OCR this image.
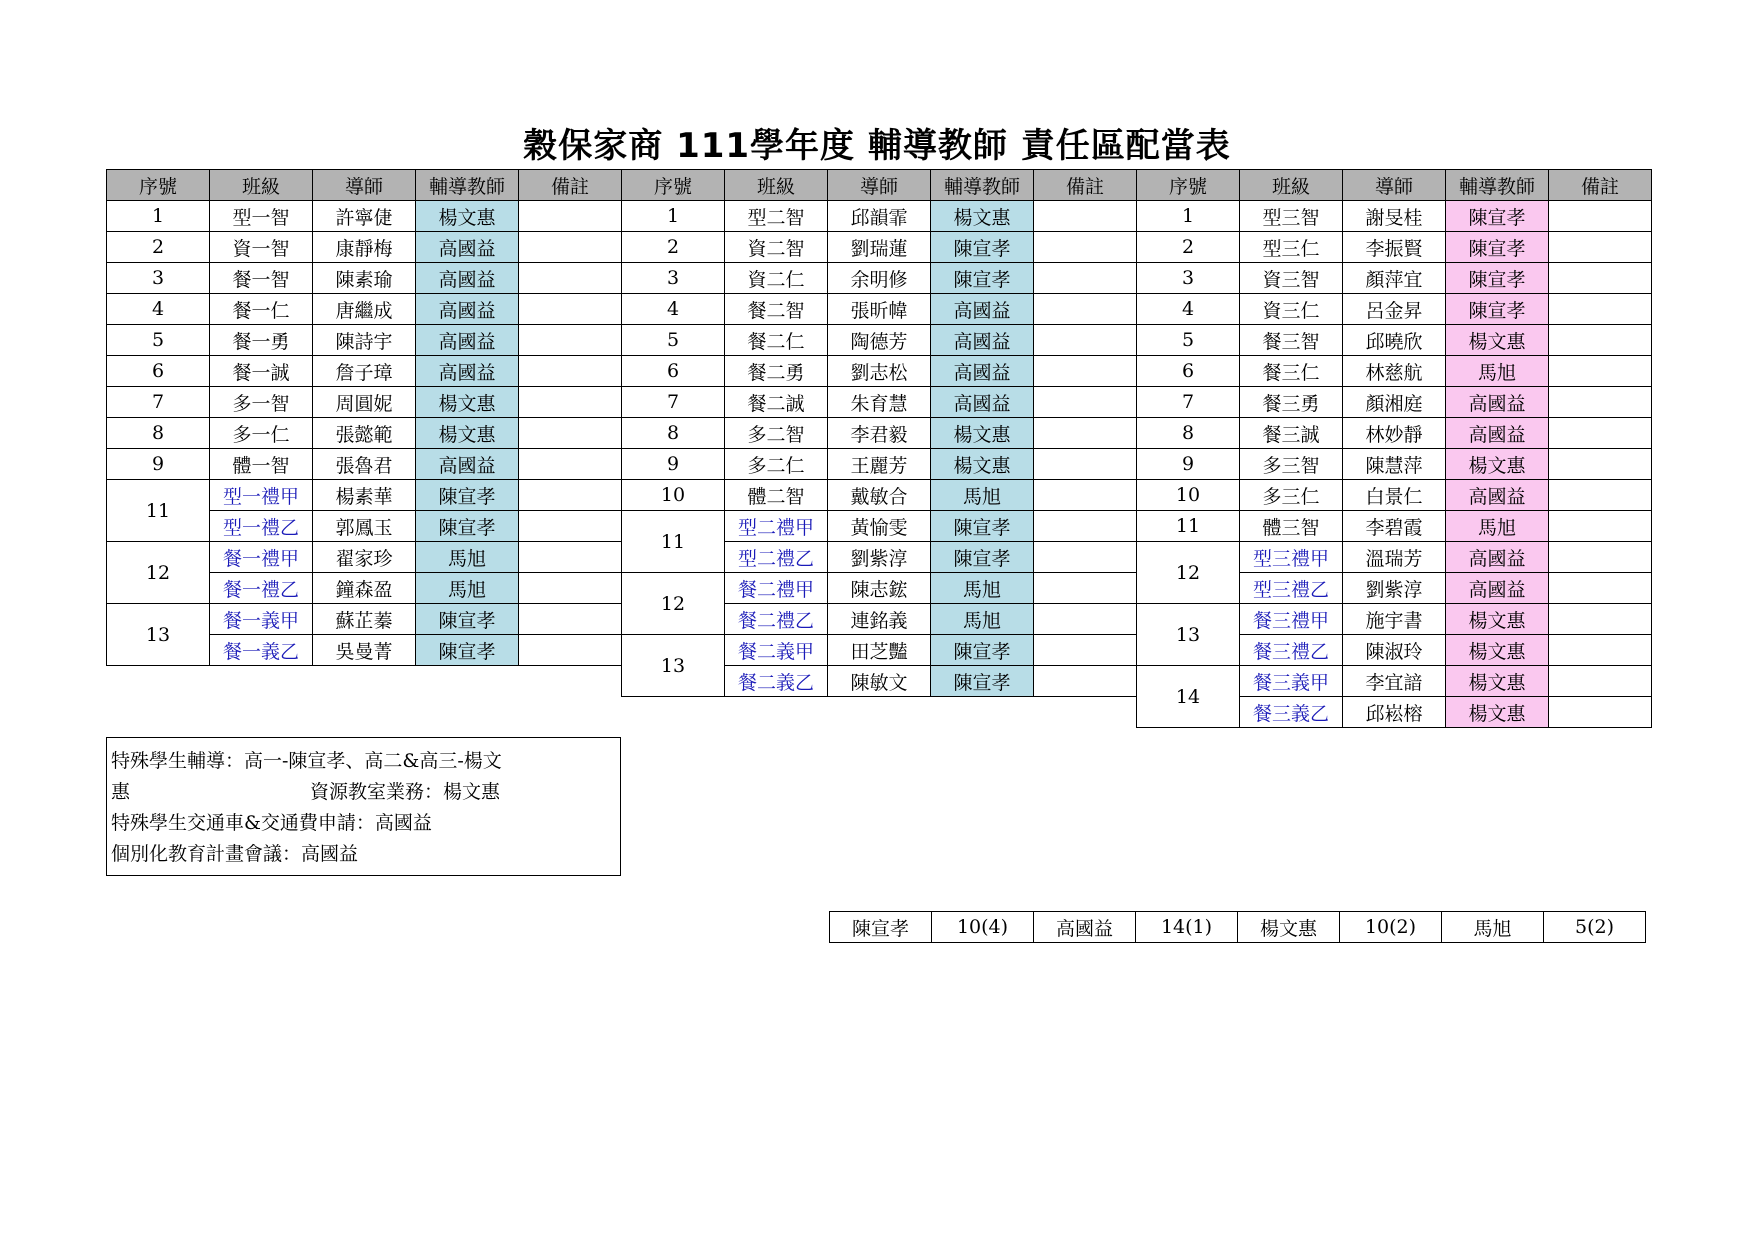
穀保家商 111學年度 輔導教師 責任區配當表
序號	班級	導師	輔導教師	備註	序號	班級	導師	輔導教師	備註	序號	班級	導師	輔導教師	備註
1	型一智	許寧倢	楊文惠		1	型二智	邱韻霏	楊文惠		1	型三智	謝旻桂	陳宣孝	
2	資一智	康靜梅	高國益		2	資二智	劉瑞蓮	陳宣孝		2	型三仁	李振賢	陳宣孝	
3	餐一智	陳素瑜	高國益		3	資二仁	余明修	陳宣孝		3	資三智	顏萍宜	陳宣孝	
4	餐一仁	唐繼成	高國益		4	餐二智	張昕幃	高國益		4	資三仁	呂金昇	陳宣孝	
5	餐一勇	陳詩宇	高國益		5	餐二仁	陶德芳	高國益		5	餐三智	邱曉欣	楊文惠	
6	餐一誠	詹子璋	高國益		6	餐二勇	劉志松	高國益		6	餐三仁	林慈航	馬旭	
7	多一智	周圓妮	楊文惠		7	餐二誠	朱育慧	高國益		7	餐三勇	顏湘庭	高國益	
8	多一仁	張懿範	楊文惠		8	多二智	李君毅	楊文惠		8	餐三誠	林妙靜	高國益	
9	體一智	張魯君	高國益		9	多二仁	王麗芳	楊文惠		9	多三智	陳慧萍	楊文惠	
11	型一禮甲	楊素華	陳宣孝		10	體二智	戴敏合	馬旭		10	多三仁	白景仁	高國益	
	型一禮乙	郭鳳玉	陳宣孝		11	型二禮甲	黃愉雯	陳宣孝		11	體三智	李碧霞	馬旭	
12	餐一禮甲	翟家珍	馬旭			型二禮乙	劉紫淳	陳宣孝		12	型三禮甲	溫瑞芳	高國益	
	餐一禮乙	鐘森盈	馬旭		12	餐二禮甲	陳志鋐	馬旭			型三禮乙	劉紫淳	高國益	
13	餐一義甲	蘇芷蓁	陳宣孝			餐二禮乙	連銘義	馬旭		13	餐三禮甲	施宇書	楊文惠	
	餐一義乙	吳曼菁	陳宣孝		13	餐二義甲	田芝豔	陳宣孝			餐三禮乙	陳淑玲	楊文惠	
						餐二義乙	陳敏文	陳宣孝		14	餐三義甲	李宜諳	楊文惠	
											餐三義乙	邱崧榕	楊文惠	
特殊學生輔導：高一-陳宣孝、高二&高三-楊文
惠	資源教室業務：楊文惠
特殊學生交通車&交通費申請：高國益
個別化教育計畫會議：高國益
陳宣孝	10(4)	高國益	14(1)	楊文惠	10(2)	馬旭	5(2)
